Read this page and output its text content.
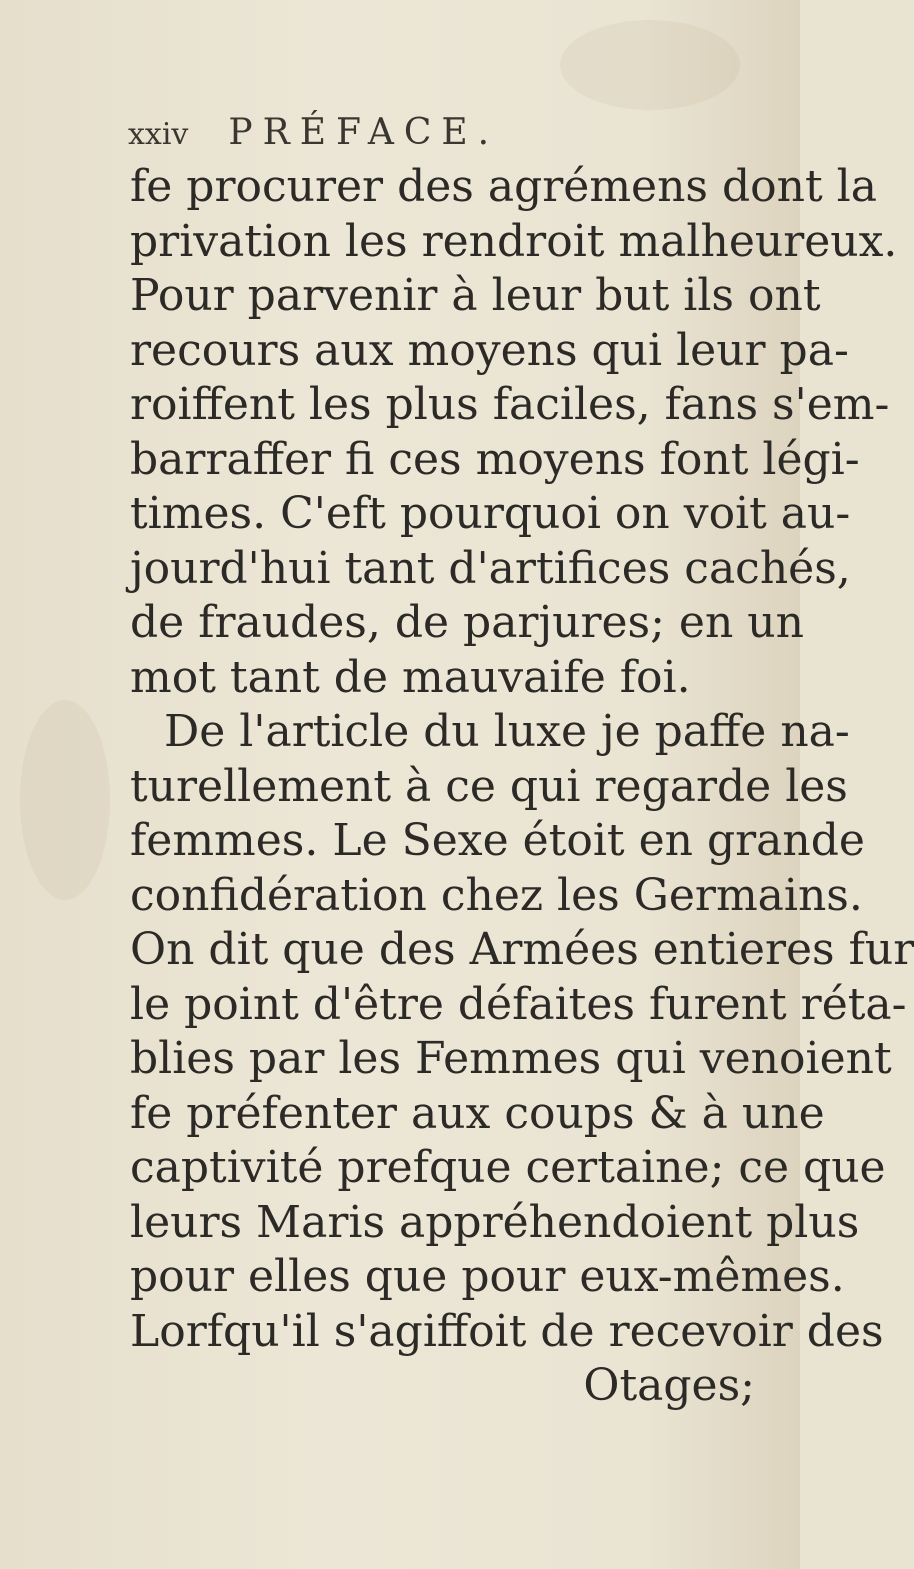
xxiv PRÉFACE.
fe procurer des agrémens dont la
privation les rendroit malheureux.
Pour parvenir à leur but ils ont
recours aux moyens qui leur pa-
roiffent les plus faciles, fans s'em-
barraffer fi ces moyens font légi-
times. C'eft pourquoi on voit au-
jourd'hui tant d'artifices cachés,
de fraudes, de parjures; en un
mot tant de mauvaife foi.
De l'article du luxe je paffe na-
turellement à ce qui regarde les
femmes. Le Sexe étoit en grande
confidération chez les Germains.
On dit que des Armées entieres fur
le point d'être défaites furent réta-
blies par les Femmes qui venoient
fe préfenter aux coups & à une
captivité prefque certaine; ce que
leurs Maris appréhendoient plus
pour elles que pour eux-mêmes.
Lorfqu'il s'agiffoit de recevoir des
Otages;
